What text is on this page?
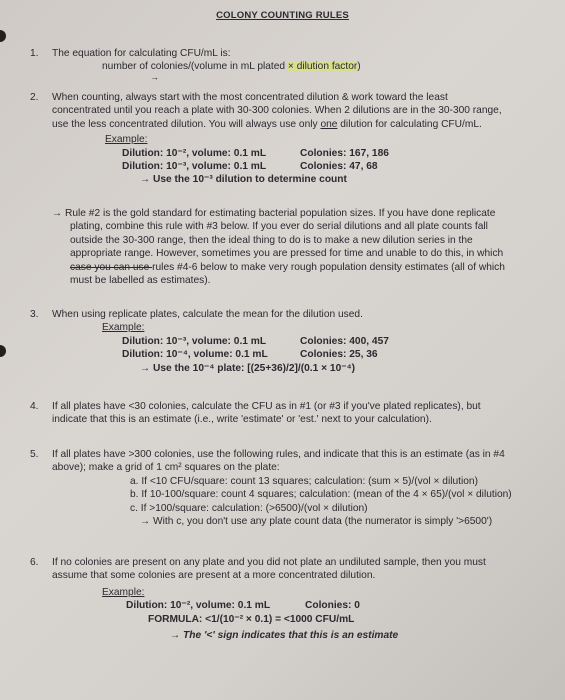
COLONY COUNTING RULES
1.	The equation for calculating CFU/mL is:
number of colonies/(volume in mL plated × dilution factor)
→
2.	When counting, always start with the most concentrated dilution & work toward the least
concentrated until you reach a plate with 30-300 colonies. When 2 dilutions are in the 30-300 range,
use the less concentrated dilution. You will always use only one dilution for calculating CFU/mL.
Example:
Dilution: 10⁻², volume: 0.1 mL	Colonies: 167, 186
Dilution: 10⁻³, volume: 0.1 mL	Colonies: 47, 68
→ Use the 10⁻³ dilution to determine count
→ Rule #2 is the gold standard for estimating bacterial population sizes. If you have done replicate
plating, combine this rule with #3 below. If you ever do serial dilutions and all plate counts fall
outside the 30-300 range, then the ideal thing to do is to make a new dilution series in the
appropriate range. However, sometimes you are pressed for time and unable to do this, in which
case you can use rules #4-6 below to make very rough population density estimates (all of which
must be labelled as estimates).
3.	When using replicate plates, calculate the mean for the dilution used.
Example:
Dilution: 10⁻³, volume: 0.1 mL	Colonies: 400, 457
Dilution: 10⁻⁴, volume: 0.1 mL	Colonies: 25, 36
→ Use the 10⁻⁴ plate: [(25+36)/2]/(0.1 × 10⁻⁴)
4.	If all plates have <30 colonies, calculate the CFU as in #1 (or #3 if you've plated replicates), but
indicate that this is an estimate (i.e., write 'estimate' or 'est.' next to your calculation).
5.	If all plates have >300 colonies, use the following rules, and indicate that this is an estimate (as in #4
above); make a grid of 1 cm² squares on the plate:
a. If <10 CFU/square: count 13 squares; calculation: (sum × 5)/(vol × dilution)
b. If 10-100/square: count 4 squares; calculation: (mean of the 4 × 65)/(vol × dilution)
c. If >100/square: calculation: (>6500)/(vol × dilution)
→ With c, you don't use any plate count data (the numerator is simply '>6500')
6.	If no colonies are present on any plate and you did not plate an undiluted sample, then you must
assume that some colonies are present at a more concentrated dilution.
Example:
Dilution: 10⁻², volume: 0.1 mL	Colonies: 0
FORMULA: <1/(10⁻² × 0.1) = <1000 CFU/mL
→ The '<' sign indicates that this is an estimate
